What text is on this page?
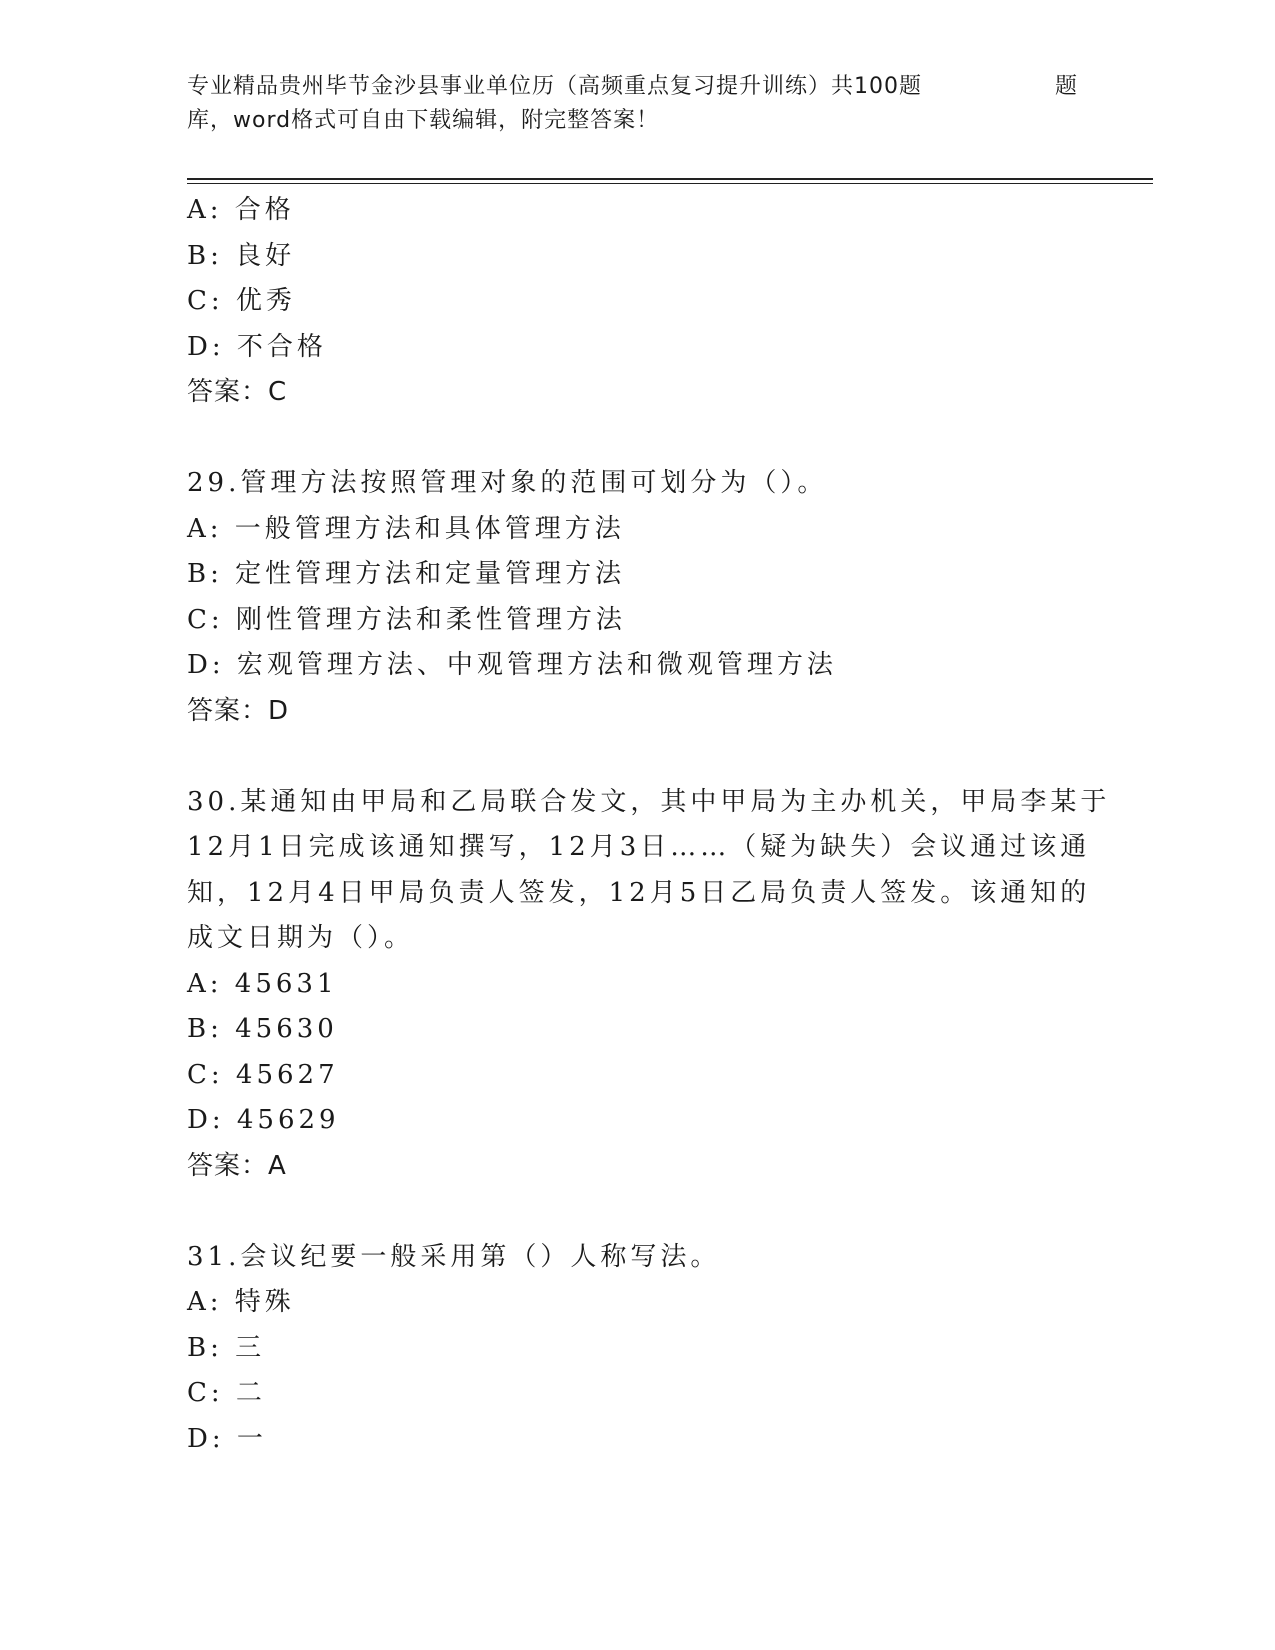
专业精品贵州毕节金沙县事业单位历（高频重点复习提升训练）共100题	题
库，word格式可自由下载编辑，附完整答案！
A: 合格
B: 良好
C: 优秀
D: 不合格
答案：C
29.管理方法按照管理对象的范围可划分为（）。
A: 一般管理方法和具体管理方法
B: 定性管理方法和定量管理方法
C: 刚性管理方法和柔性管理方法
D: 宏观管理方法、中观管理方法和微观管理方法
答案：D
30.某通知由甲局和乙局联合发文，其中甲局为主办机关，甲局李某于
12月1日完成该通知撰写，12月3日……（疑为缺失）会议通过该通
知，12月4日甲局负责人签发，12月5日乙局负责人签发。该通知的
成文日期为（）。
A: 45631
B: 45630
C: 45627
D: 45629
答案：A
31.会议纪要一般采用第（）人称写法。
A: 特殊
B: 三
C: 二
D: 一
